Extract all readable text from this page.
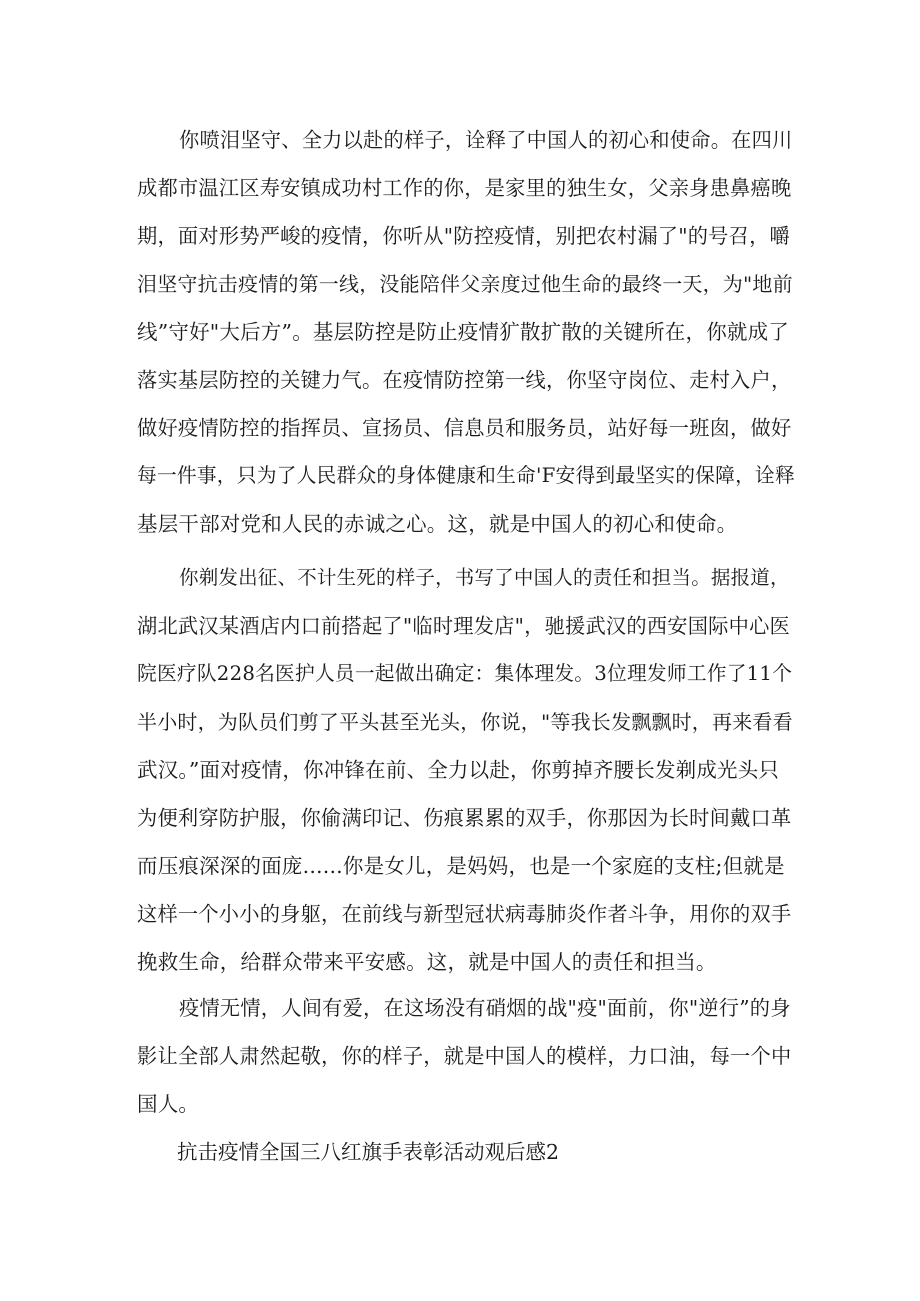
你喷泪坚守、全力以赴的样子，诠释了中国人的初心和使命。在四川
成都市温江区寿安镇成功村工作的你，是家里的独生女，父亲身患鼻癌晚
期，面对形势严峻的疫情，你听从"防控疫情，别把农村漏了"的号召，嚼
泪坚守抗击疫情的第一线，没能陪伴父亲度过他生命的最终一天，为"地前
线”守好"大后方”。基层防控是防止疫情犷散扩散的关键所在，你就成了
落实基层防控的关键力气。在疫情防控第一线，你坚守岗位、走村入户，
做好疫情防控的指挥员、宣扬员、信息员和服务员，站好每一班囱，做好
每一件事，只为了人民群众的身体健康和生命'F安得到最坚实的保障，诠释
基层干部对党和人民的赤诚之心。这，就是中国人的初心和使命。
你剃发出征、不计生死的样子，书写了中国人的责任和担当。据报道，
湖北武汉某酒店内口前搭起了"临时理发店"，驰援武汉的西安国际中心医
院医疗队228名医护人员一起做出确定：集体理发。3位理发师工作了11个
半小时，为队员们剪了平头甚至光头，你说，"等我长发飘飘时，再来看看
武汉。”面对疫情，你冲锋在前、全力以赴，你剪掉齐腰长发剃成光头只
为便利穿防护服，你偷满印记、伤痕累累的双手，你那因为长时间戴口革
而压痕深深的面庞......你是女儿，是妈妈，也是一个家庭的支柱;但就是
这样一个小小的身躯，在前线与新型冠状病毒肺炎作者斗争，用你的双手
挽救生命，给群众带来平安感。这，就是中国人的责任和担当。
疫情无情，人间有爱，在这场没有硝烟的战"疫"面前，你"逆行”的身
影让全部人肃然起敬，你的样子，就是中国人的模样，力口油，每一个中
国人。
抗击疫情全国三八红旗手表彰活动观后感2
